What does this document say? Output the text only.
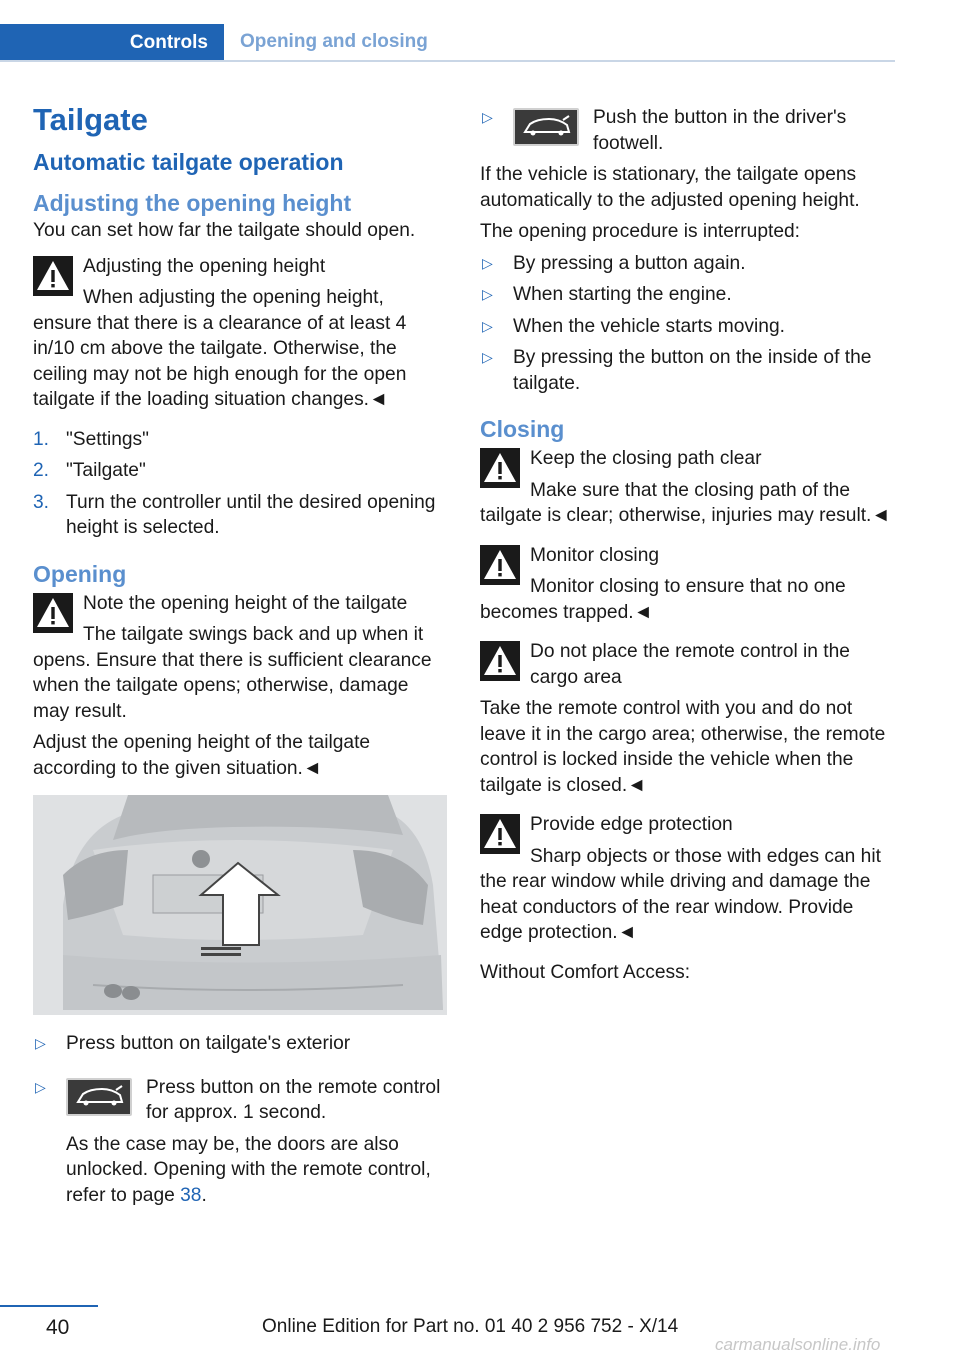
Controls Opening and closing
Tailgate
Automatic tailgate operation
Adjusting the opening height

You can set how far the tailgate should open.

Adjusting the opening height

When adjusting the opening height, ensure that there is a clearance of at least 4 in/10 cm above the tailgate. Otherwise, the ceiling may not be high enough for the open tailgate if the loading situation changes.◄

1. "Settings"
2. "Tailgate"
3. Turn the controller until the desired opening height is selected.
Opening

Note the opening height of the tailgate

The tailgate swings back and up when it opens. Ensure that there is sufficient clearance when the tailgate opens; otherwise, damage may result.

Adjust the opening height of the tailgate according to the given situation.◄

▷ Press button on tailgate's exterior
▷	Press button on the remote control for approx. 1 second.
As the case may be, the doors are also unlocked. Opening with the remote control, refer to page 38.
▷	Push the button in the driver's footwell.

If the vehicle is stationary, the tailgate opens automatically to the adjusted opening height.

The opening procedure is interrupted:

▷ By pressing a button again.
▷ When starting the engine.
▷ When the vehicle starts moving.
▷ By pressing the button on the inside of the tailgate.
Closing

Keep the closing path clear

Make sure that the closing path of the tailgate is clear; otherwise, injuries may result.◄

Monitor closing

Monitor closing to ensure that no one becomes trapped.◄

Do not place the remote control in the cargo area

Take the remote control with you and do not leave it in the cargo area; otherwise, the remote control is locked inside the vehicle when the tailgate is closed.◄

Provide edge protection

Sharp objects or those with edges can hit the rear window while driving and damage the heat conductors of the rear window. Provide edge protection.◄

Without Comfort Access:

40	Online Edition for Part no. 01 40 2 956 752 - X/14
carmanualsonline.info
